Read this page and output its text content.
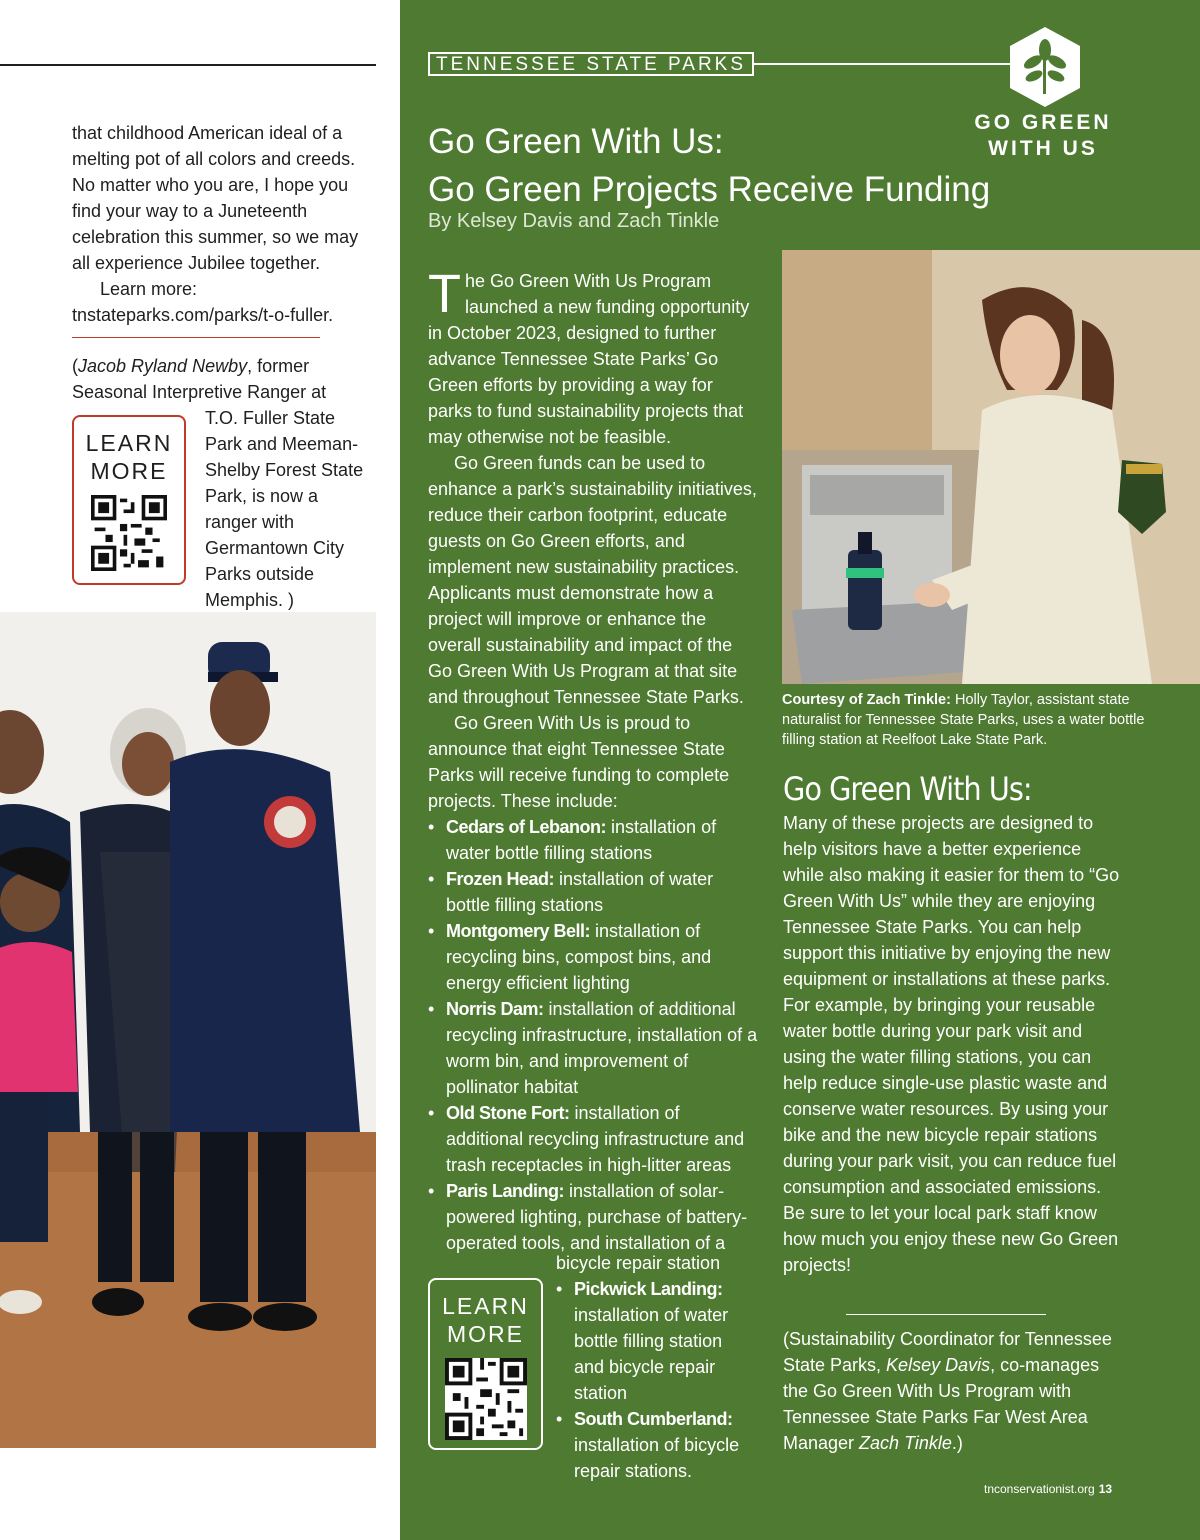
that childhood American ideal of a melting pot of all colors and creeds. No matter who you are, I hope you find your way to a Juneteenth celebration this summer, so we may all experience Jubilee together.

Learn more: tnstateparks.com/parks/t-o-fuller.

(Jacob Ryland Newby, former Seasonal Interpretive Ranger at
T.O. Fuller State Park and Meeman-Shelby Forest State Park, is now a ranger with Germantown City Parks outside Memphis. )
LEARN
MORE
TENNESSEE STATE PARKS
GO GREEN
WITH US
Go Green With Us:
Go Green Projects Receive Funding
By Kelsey Davis and Zach Tinkle

The Go Green With Us Program launched a new funding opportunity in October 2023, designed to further advance Tennessee State Parks’ Go Green efforts by providing a way for parks to fund sustainability projects that may otherwise not be feasible.

Go Green funds can be used to enhance a park’s sustainability initiatives, reduce their carbon footprint, educate guests on Go Green efforts, and implement new sustainability practices. Applicants must demonstrate how a project will improve or enhance the overall sustainability and impact of the Go Green With Us Program at that site and throughout Tennessee State Parks.

Go Green With Us is proud to announce that eight Tennessee State Parks will receive funding to complete projects. These include:

• Cedars of Lebanon: installation of water bottle filling stations
• Frozen Head: installation of water bottle filling stations
• Montgomery Bell: installation of recycling bins, compost bins, and energy efficient lighting
• Norris Dam: installation of additional recycling infrastructure, installation of a worm bin, and improvement of pollinator habitat
• Old Stone Fort: installation of additional recycling infrastructure and trash receptacles in high-litter areas
• Paris Landing: installation of solar-powered lighting, purchase of battery-operated tools, and installation of a
bicycle repair station
• Pickwick Landing: installation of water bottle filling station and bicycle repair station
• South Cumberland: installation of bicycle repair stations.
LEARN
MORE
Courtesy of Zach Tinkle: Holly Taylor, assistant state naturalist for Tennessee State Parks, uses a water bottle filling station at Reelfoot Lake State Park.
Go Green With Us:
Many of these projects are designed to help visitors have a better experience while also making it easier for them to “Go Green With Us” while they are enjoying Tennessee State Parks. You can help support this initiative by enjoying the new equipment or installations at these parks. For example, by bringing your reusable water bottle during your park visit and using the water filling stations, you can help reduce single-use plastic waste and conserve water resources. By using your bike and the new bicycle repair stations during your park visit, you can reduce fuel consumption and associated emissions. Be sure to let your local park staff know how much you enjoy these new Go Green projects!
(Sustainability Coordinator for Tennessee State Parks, Kelsey Davis, co-manages the Go Green With Us Program with Tennessee State Parks Far West Area Manager Zach Tinkle.)
tnconservationist.org 13
